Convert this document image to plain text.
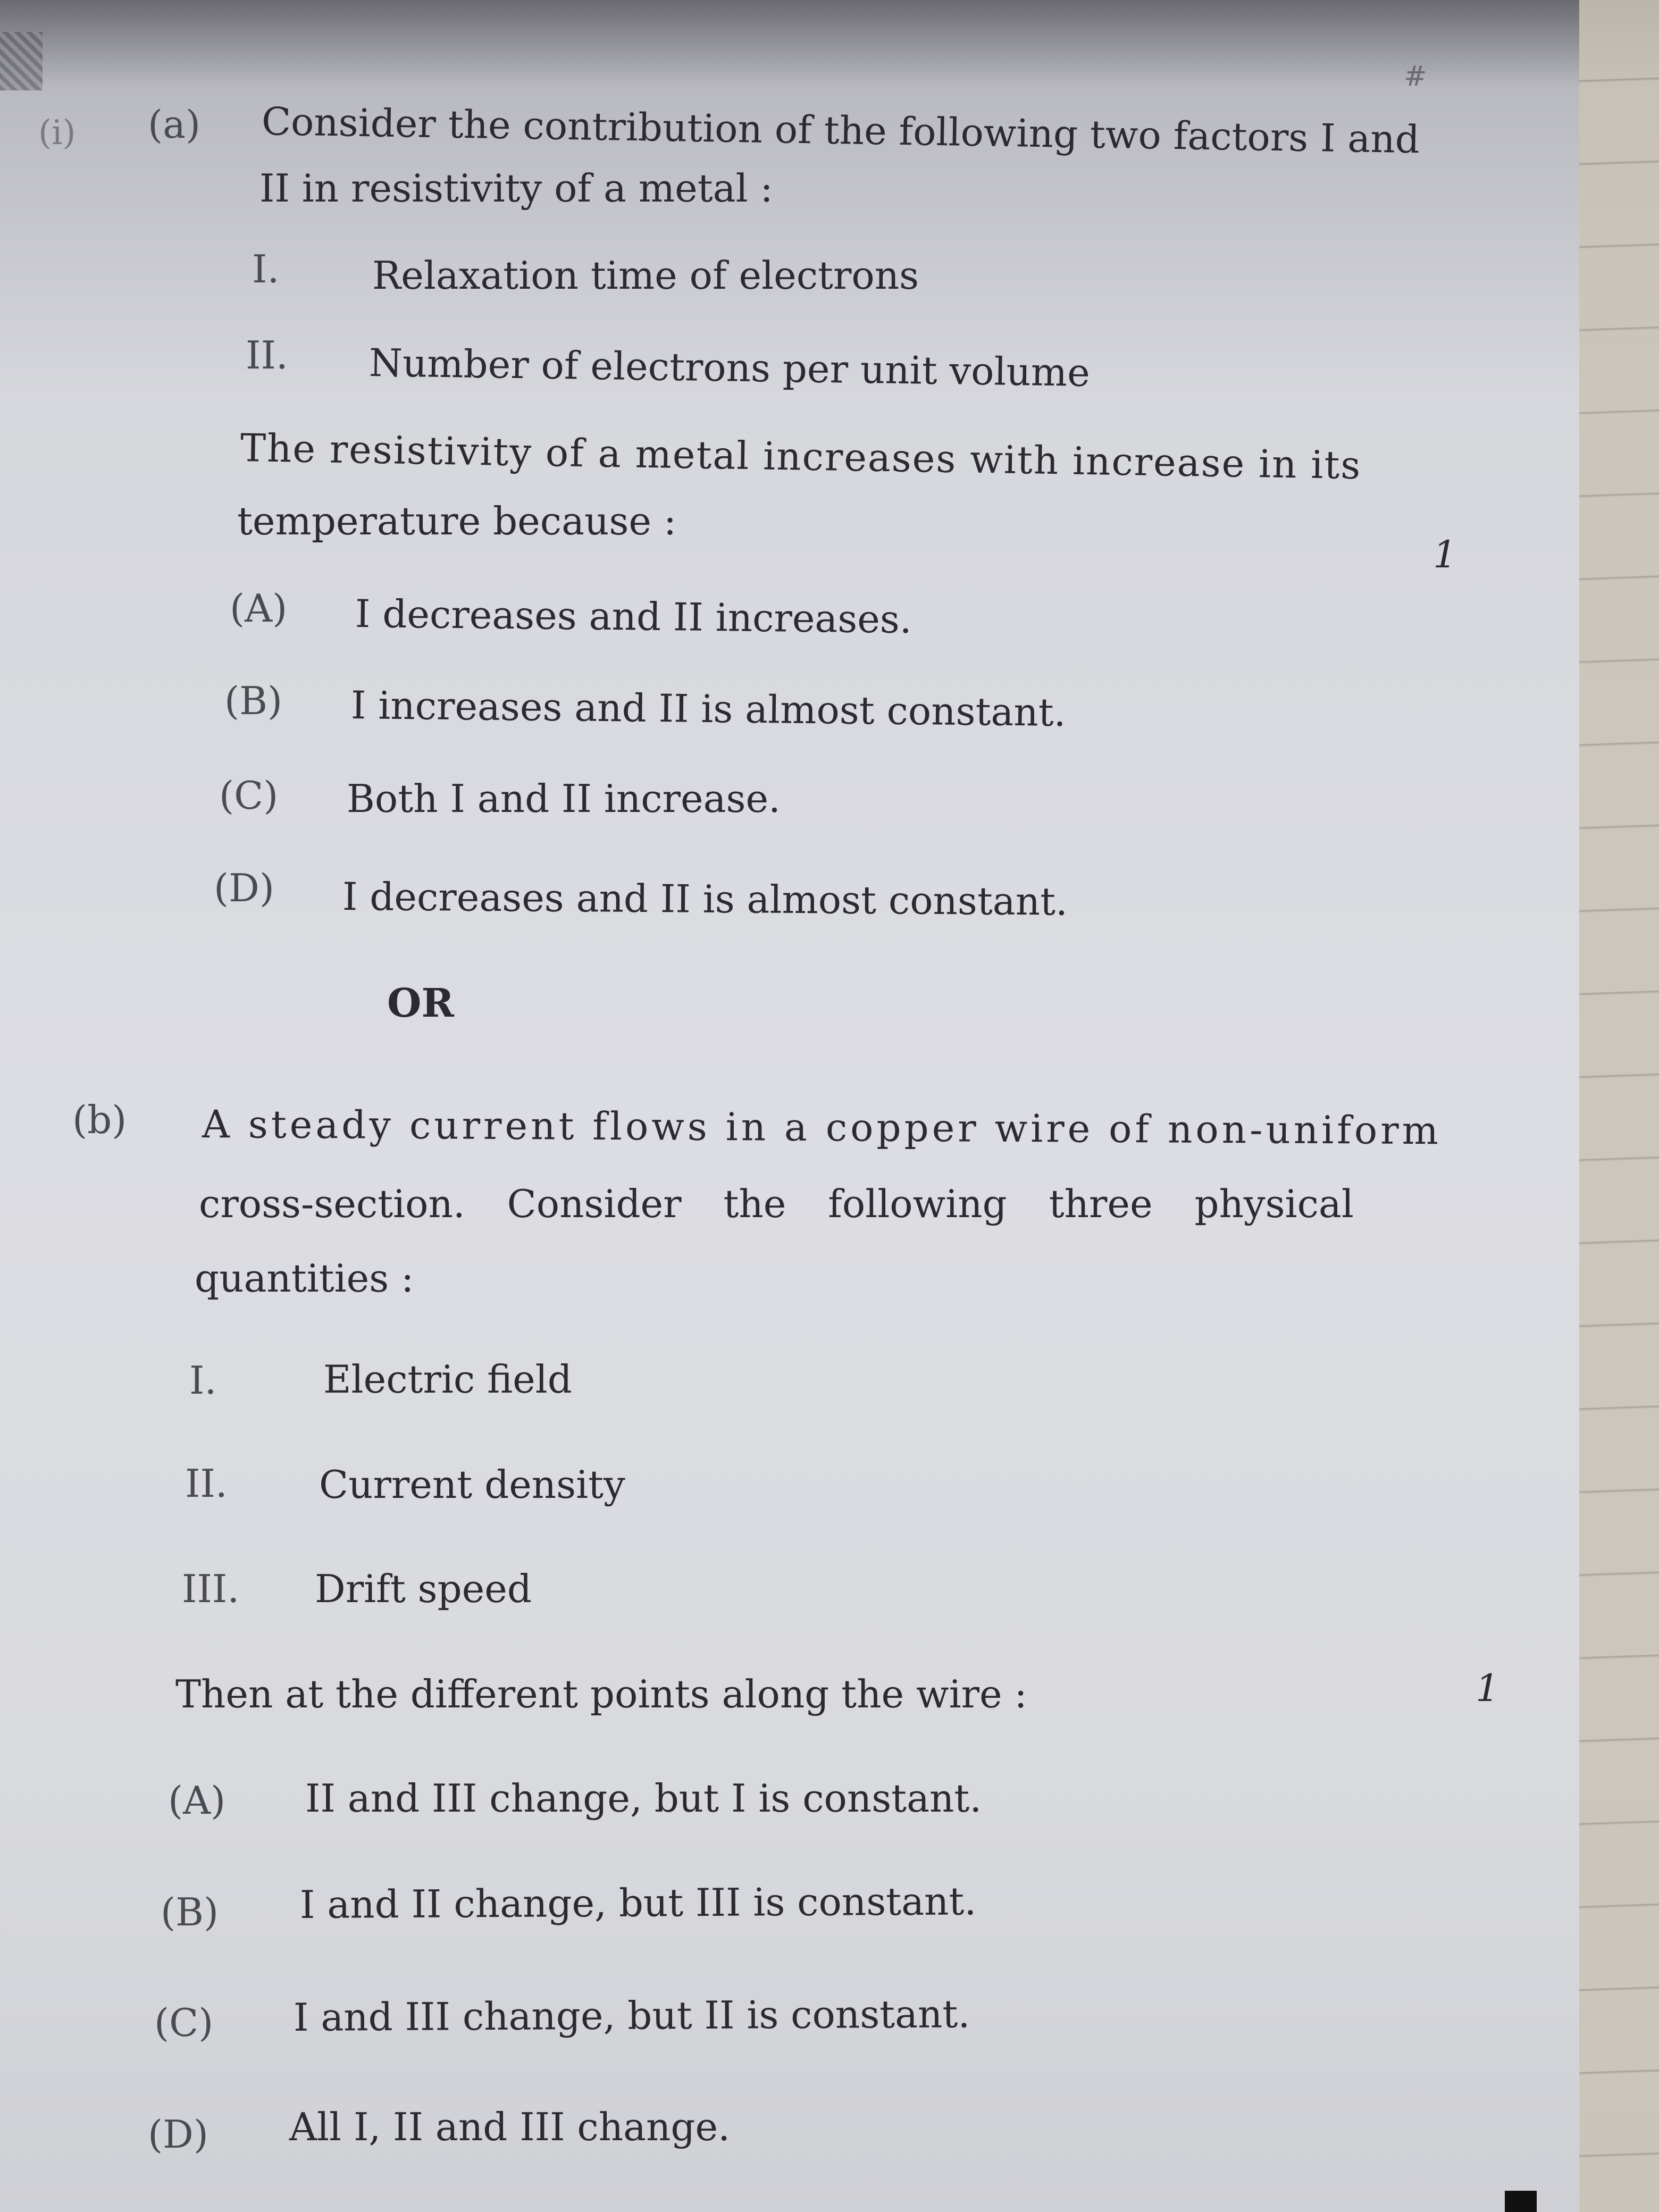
#
(i) (a) Consider the contribution of the following two factors I and
II in resistivity of a metal :
I. Relaxation time of electrons
II. Number of electrons per unit volume
The resistivity of a metal increases with increase in its
temperature because :
1
(A) I decreases and II increases.
(B) I increases and II is almost constant.
(C) Both I and II increase.
(D) I decreases and II is almost constant.
OR
(b) A steady current flows in a copper wire of non-uniform
cross-section. Consider the following three physical
quantities :
I.	Electric field
II. Current density
III. Drift speed
Then at the different points along the wire :	1
(A) II and III change, but I is constant.
(B) I and II change, but III is constant.
(C) I and III change, but II is constant.
(D) All I, II and III change.
